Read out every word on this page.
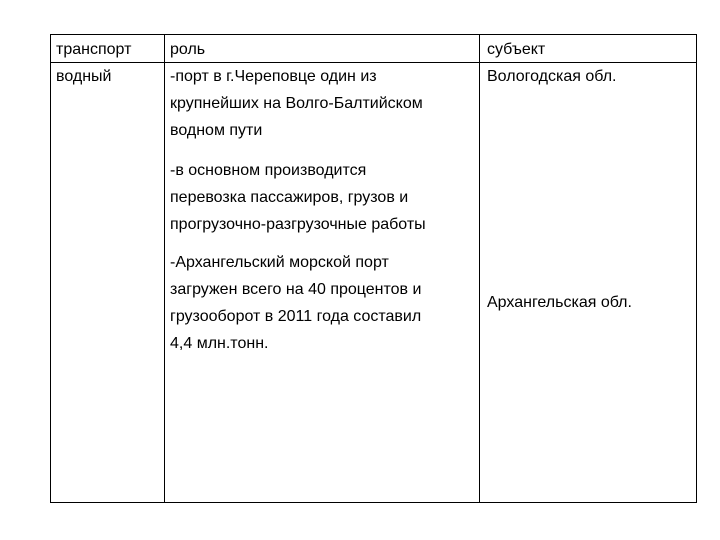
транспорт роль	субъект
водный	-порт в г.Череповце один из
крупнейших на Волго-Балтийском
водном пути
-в основном производится
перевозка пассажиров, грузов и
прогрузочно-разгрузочные работы
-Архангельский морской порт
загружен всего на 40 процентов и
грузооборот в 2011 года составил
4,4 млн.тонн.
Вологодская обл.
Архангельская обл.
